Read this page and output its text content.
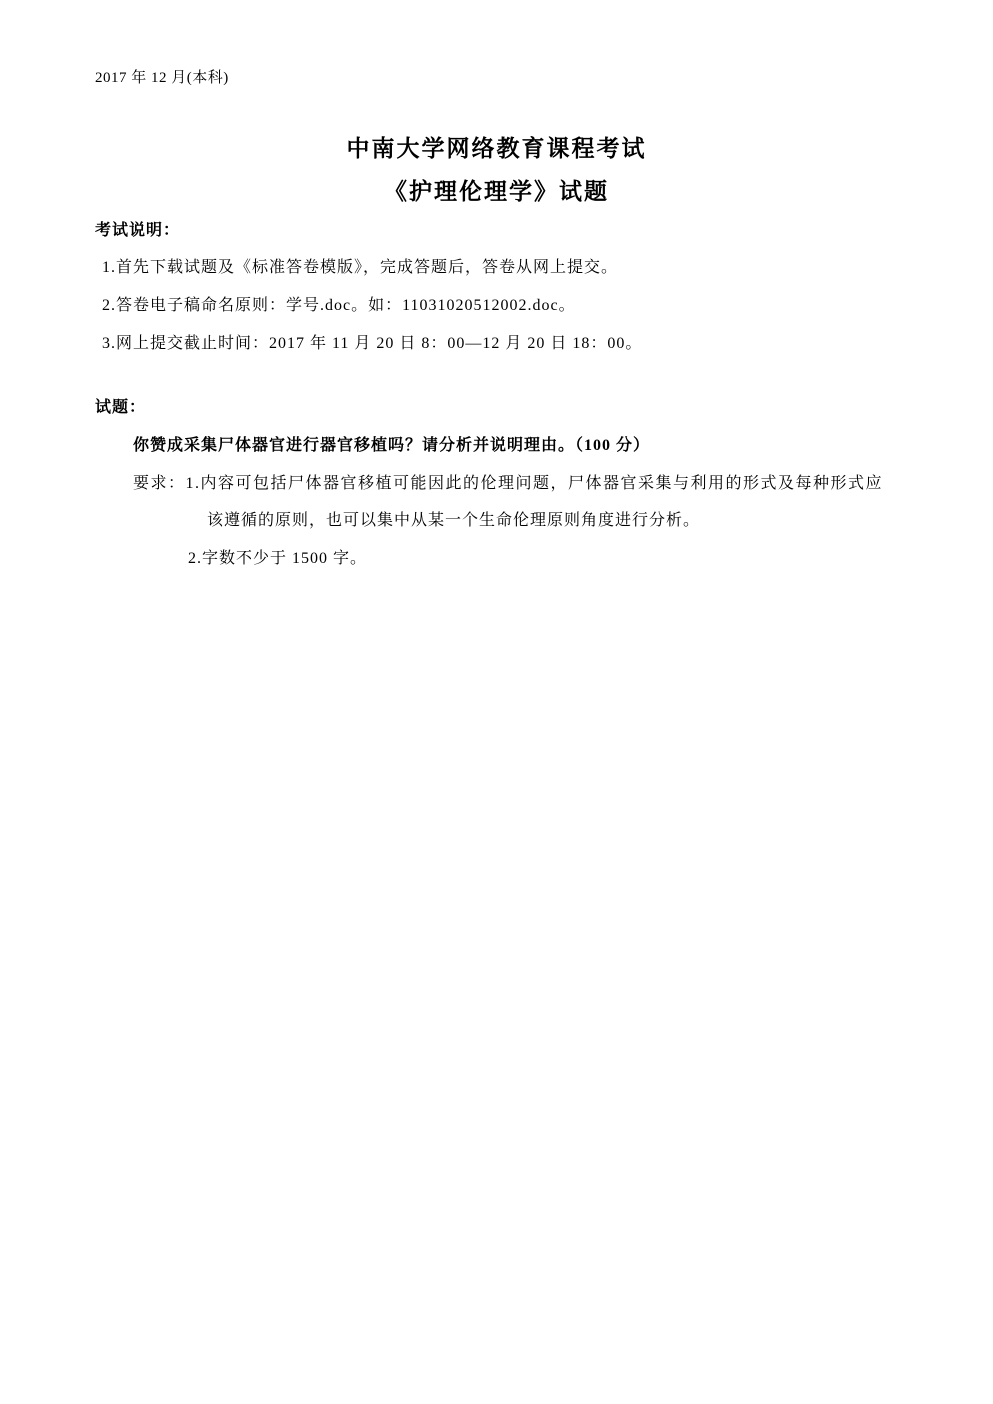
2017 年 12 月(本科)
中南大学网络教育课程考试
《护理伦理学》试题
考试说明：
1.首先下载试题及《标准答卷模版》，完成答题后，答卷从网上提交。
2.答卷电子稿命名原则：学号.doc。如：11031020512002.doc。
3.网上提交截止时间：2017 年 11 月 20 日 8：00—12 月 20 日 18：00。
试题：
你赞成采集尸体器官进行器官移植吗？请分析并说明理由。（100 分）
要求：1.内容可包括尸体器官移植可能因此的伦理问题，尸体器官采集与利用的形式及每种形式应
该遵循的原则，也可以集中从某一个生命伦理原则角度进行分析。
2.字数不少于 1500 字。
